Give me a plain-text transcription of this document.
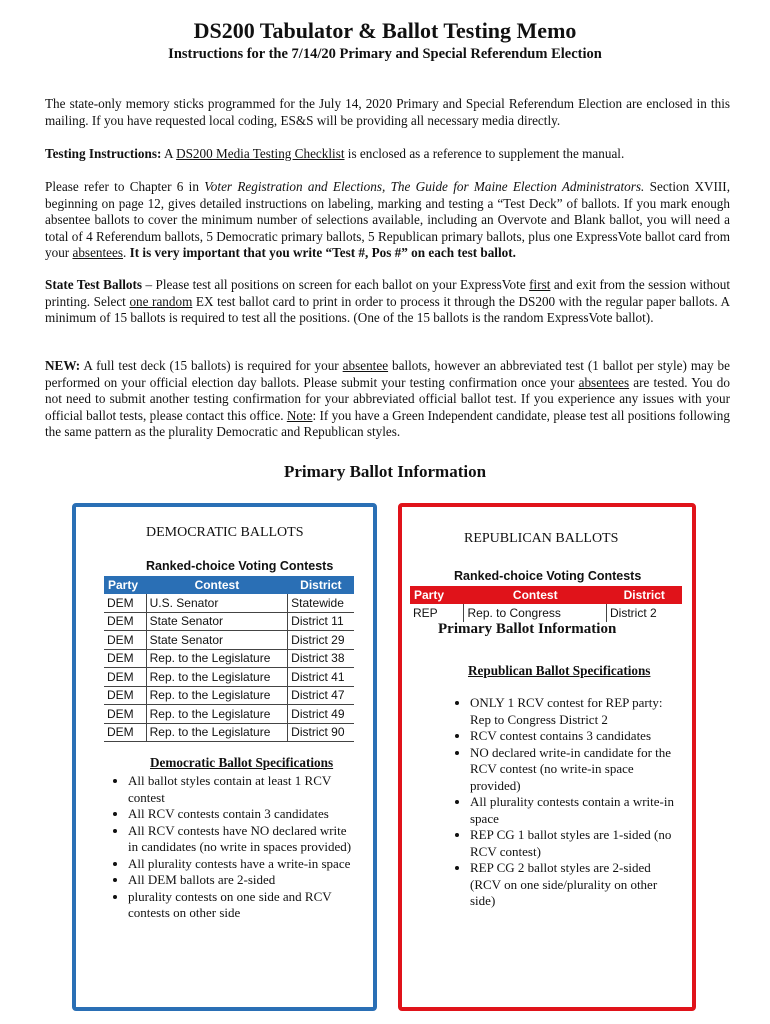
DS200 Tabulator & Ballot Testing Memo
Instructions for the 7/14/20 Primary and Special Referendum Election
The state-only memory sticks programmed for the July 14, 2020 Primary and Special Referendum Election are enclosed in this mailing. If you have requested local coding, ES&S will be providing all necessary media directly.
Testing Instructions: A DS200 Media Testing Checklist is enclosed as a reference to supplement the manual.
Please refer to Chapter 6 in Voter Registration and Elections, The Guide for Maine Election Administrators. Section XVIII, beginning on page 12, gives detailed instructions on labeling, marking and testing a “Test Deck” of ballots. If you mark enough absentee ballots to cover the minimum number of selections available, including an Overvote and Blank ballot, you will need a total of 4 Referendum ballots, 5 Democratic primary ballots, 5 Republican primary ballots, plus one ExpressVote ballot card from your absentees. It is very important that you write “Test #, Pos #” on each test ballot.
State Test Ballots – Please test all positions on screen for each ballot on your ExpressVote first and exit from the session without printing. Select one random EX test ballot card to print in order to process it through the DS200 with the regular paper ballots. A minimum of 15 ballots is required to test all the positions. (One of the 15 ballots is the random ExpressVote ballot).
NEW: A full test deck (15 ballots) is required for your absentee ballots, however an abbreviated test (1 ballot per style) may be performed on your official election day ballots. Please submit your testing confirmation once your absentees are tested. You do not need to submit another testing confirmation for your abbreviated official ballot test. If you experience any issues with your official ballot tests, please contact this office. Note: If you have a Green Independent candidate, please test all positions following the same pattern as the plurality Democratic and Republican styles.
Primary Ballot Information
DEMOCRATIC BALLOTS
Ranked-choice Voting Contests
Party	Contest	District
DEM	U.S. Senator	Statewide
DEM	State Senator	District 11
DEM	State Senator	District 29
DEM	Rep. to the Legislature	District 38
DEM	Rep. to the Legislature	District 41
DEM	Rep. to the Legislature	District 47
DEM	Rep. to the Legislature	District 49
DEM	Rep. to the Legislature	District 90
Democratic Ballot Specifications
• All ballot styles contain at least 1 RCV contest
• All RCV contests contain 3 candidates
• All RCV contests have NO declared write in candidates (no write in spaces provided)
• All plurality contests have a write-in space
• All DEM ballots are 2-sided
• plurality contests on one side and RCV contests on other side
REPUBLICAN BALLOTS
Ranked-choice Voting Contests
Party	Contest	District
REP	Rep. to Congress	District 2
Primary Ballot Information
Republican Ballot Specifications
• ONLY 1 RCV contest for REP party: Rep to Congress District 2
• RCV contest contains 3 candidates
• NO declared write-in candidate for the RCV contest (no write-in space provided)
• All plurality contests contain a write-in space
• REP CG 1 ballot styles are 1-sided (no RCV contest)
• REP CG 2 ballot styles are 2-sided (RCV on one side/plurality on other side)
